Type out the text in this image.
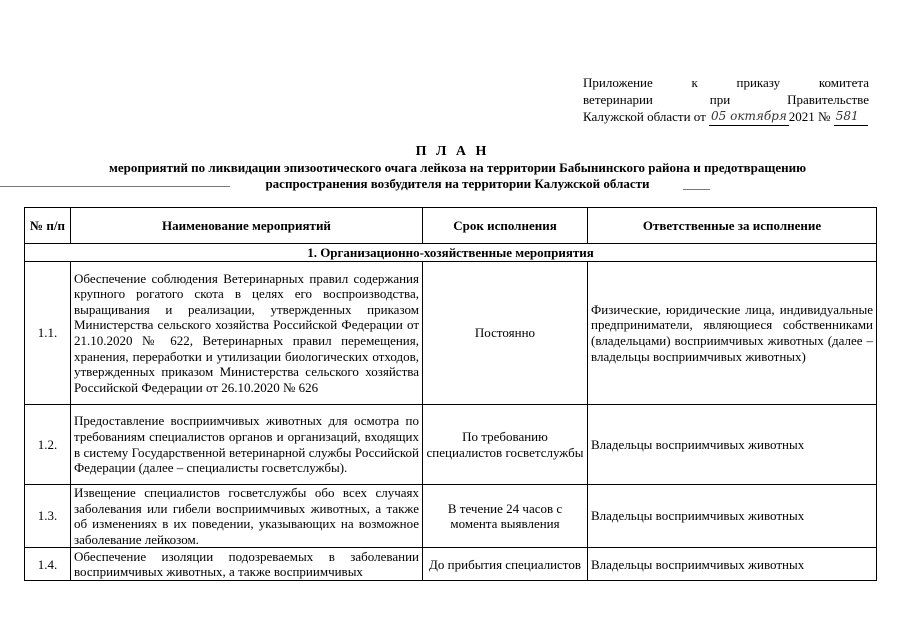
Приложение	к	приказу	комитета
ветеринарии	при	Правительстве
Калужской области от
05 октября 2021 №
581
П Л А Н
мероприятий по ликвидации эпизоотического очага лейкоза на территории Бабынинского района и предотвращению
распространения возбудителя на территории Калужской области
№ п/п	Наименование мероприятий	Срок исполнения	Ответственные за исполнение
1. Организационно-хозяйственные мероприятия			
1.1.	Обеспечение соблюдения Ветеринарных правил содержания крупного рогатого скота в целях его воспроизводства, выращивания и реализации, утвержденных приказом Министерства сельского хозяйства Российской Федерации от 21.10.2020 № 622, Ветеринарных правил перемещения, хранения, переработки и утилизации биологических отходов, утвержденных приказом Министерства сельского хозяйства Российской Федерации от 26.10.2020 № 626	Постоянно	Физические, юридические лица, индивидуальные предприниматели, являющиеся собственниками (владельцами) восприимчивых животных (далее – владельцы восприимчивых животных)
1.2.	Предоставление восприимчивых животных для осмотра по требованиям специалистов органов и организаций, входящих в систему Государственной ветеринарной службы Российской Федерации (далее – специалисты госветслужбы).	По требованию специалистов госветслужбы	Владельцы восприимчивых животных
1.3.	Извещение специалистов госветслужбы обо всех случаях заболевания или гибели восприимчивых животных, а также об изменениях в их поведении, указывающих на возможное заболевание лейкозом.	В течение 24 часов с момента выявления	Владельцы восприимчивых животных
1.4.	Обеспечение изоляции подозреваемых в заболевании восприимчивых животных, а также восприимчивых	До прибытия специалистов	Владельцы восприимчивых животных
